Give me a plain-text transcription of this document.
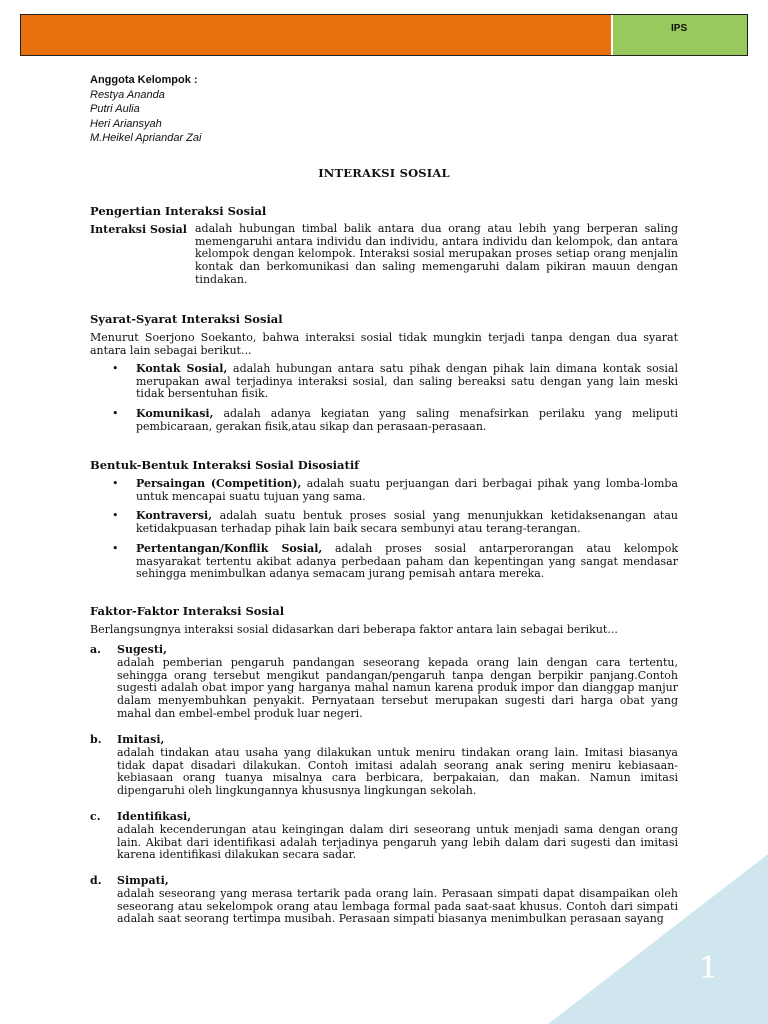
IPS
Anggota Kelompok :
Restya Ananda
Putri Aulia
Heri Ariansyah
M.Heikel Apriandar Zai
INTERAKSI SOSIAL
Pengertian Interaksi Sosial
Interaksi Sosial adalah hubungan timbal balik antara dua orang atau lebih yang berperan saling memengaruhi antara individu dan individu, antara individu dan kelompok, dan antara kelompok dengan kelompok. Interaksi sosial merupakan proses setiap orang menjalin kontak dan berkomunikasi dan saling memengaruhi dalam pikiran mauun dengan tindakan.
Syarat-Syarat Interaksi Sosial
Menurut Soerjono Soekanto, bahwa interaksi sosial tidak mungkin terjadi tanpa dengan dua syarat antara lain sebagai berikut...
• Kontak Sosial, adalah hubungan antara satu pihak dengan pihak lain dimana kontak sosial merupakan awal terjadinya interaksi sosial, dan saling bereaksi satu dengan yang lain meski tidak bersentuhan fisik.
• Komunikasi, adalah adanya kegiatan yang saling menafsirkan perilaku yang meliputi pembicaraan, gerakan fisik,atau sikap dan perasaan-perasaan.
Bentuk-Bentuk Interaksi Sosial Disosiatif
• Persaingan (Competition), adalah suatu perjuangan dari berbagai pihak yang lomba-lomba untuk mencapai suatu tujuan yang sama.
• Kontraversi, adalah suatu bentuk proses sosial yang menunjukkan ketidaksenangan atau ketidakpuasan terhadap pihak lain baik secara sembunyi atau terang-terangan.
• Pertentangan/Konflik Sosial, adalah proses sosial antarperorangan atau kelompok masyarakat tertentu akibat adanya perbedaan paham dan kepentingan yang sangat mendasar sehingga menimbulkan adanya semacam jurang pemisah antara mereka.
Faktor-Faktor Interaksi Sosial
Berlangsungnya interaksi sosial didasarkan dari beberapa faktor antara lain sebagai berikut...
a. Sugesti,
adalah pemberian pengaruh pandangan seseorang kepada orang lain dengan cara tertentu, sehingga orang tersebut mengikut pandangan/pengaruh tanpa dengan berpikir panjang.Contoh sugesti adalah obat impor yang harganya mahal namun karena produk impor dan dianggap manjur dalam menyembuhkan penyakit. Pernyataan tersebut merupakan sugesti dari harga obat yang mahal dan embel-embel produk luar negeri.
b. Imitasi,
adalah tindakan atau usaha yang dilakukan untuk meniru tindakan orang lain. Imitasi biasanya tidak dapat disadari dilakukan. Contoh imitasi adalah seorang anak sering meniru kebiasaan-kebiasaan orang tuanya misalnya cara berbicara, berpakaian, dan makan. Namun imitasi dipengaruhi oleh lingkungannya khususnya lingkungan sekolah.
c. Identifikasi,
adalah kecenderungan atau keingingan dalam diri seseorang untuk menjadi sama dengan orang lain. Akibat dari identifikasi adalah terjadinya pengaruh yang lebih dalam dari sugesti dan imitasi karena identifikasi dilakukan secara sadar.
d. Simpati,
adalah seseorang yang merasa tertarik pada orang lain. Perasaan simpati dapat disampaikan oleh seseorang atau sekelompok orang atau lembaga formal pada saat-saat khusus. Contoh dari simpati adalah saat seorang tertimpa musibah. Perasaan simpati biasanya menimbulkan perasaan sayang
1
